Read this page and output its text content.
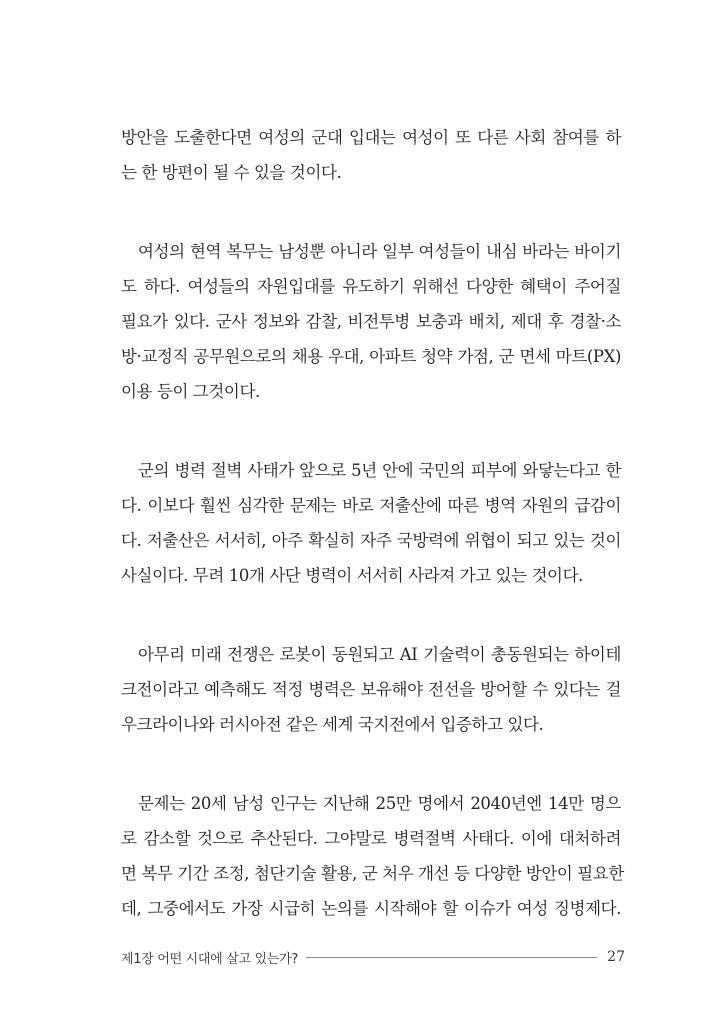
방안을 도출한다면 여성의 군대 입대는 여성이 또 다른 사회 참여를 하
는 한 방편이 될 수 있을 것이다.
여성의 현역 복무는 남성뿐 아니라 일부 여성들이 내심 바라는 바이기
도 하다. 여성들의 자원입대를 유도하기 위해선 다양한 혜택이 주어질
필요가 있다. 군사 정보와 감찰, 비전투병 보충과 배치, 제대 후 경찰·소
방·교정직 공무원으로의 채용 우대, 아파트 청약 가점, 군 면세 마트(PX)
이용 등이 그것이다.
군의 병력 절벽 사태가 앞으로 5년 안에 국민의 피부에 와닿는다고 한
다. 이보다 훨씬 심각한 문제는 바로 저출산에 따른 병역 자원의 급감이
다. 저출산은 서서히, 아주 확실히 자주 국방력에 위협이 되고 있는 것이
사실이다. 무려 10개 사단 병력이 서서히 사라져 가고 있는 것이다.
아무리 미래 전쟁은 로봇이 동원되고 AI 기술력이 총동원되는 하이테
크전이라고 예측해도 적정 병력은 보유해야 전선을 방어할 수 있다는 걸
우크라이나와 러시아전 같은 세계 국지전에서 입증하고 있다.
문제는 20세 남성 인구는 지난해 25만 명에서 2040년엔 14만 명으
로 감소할 것으로 추산된다. 그야말로 병력절벽 사태다. 이에 대처하려
면 복무 기간 조정, 첨단기술 활용, 군 처우 개선 등 다양한 방안이 필요한
데, 그중에서도 가장 시급히 논의를 시작해야 할 이슈가 여성 징병제다.
제1장 어떤 시대에 살고 있는가?	27
